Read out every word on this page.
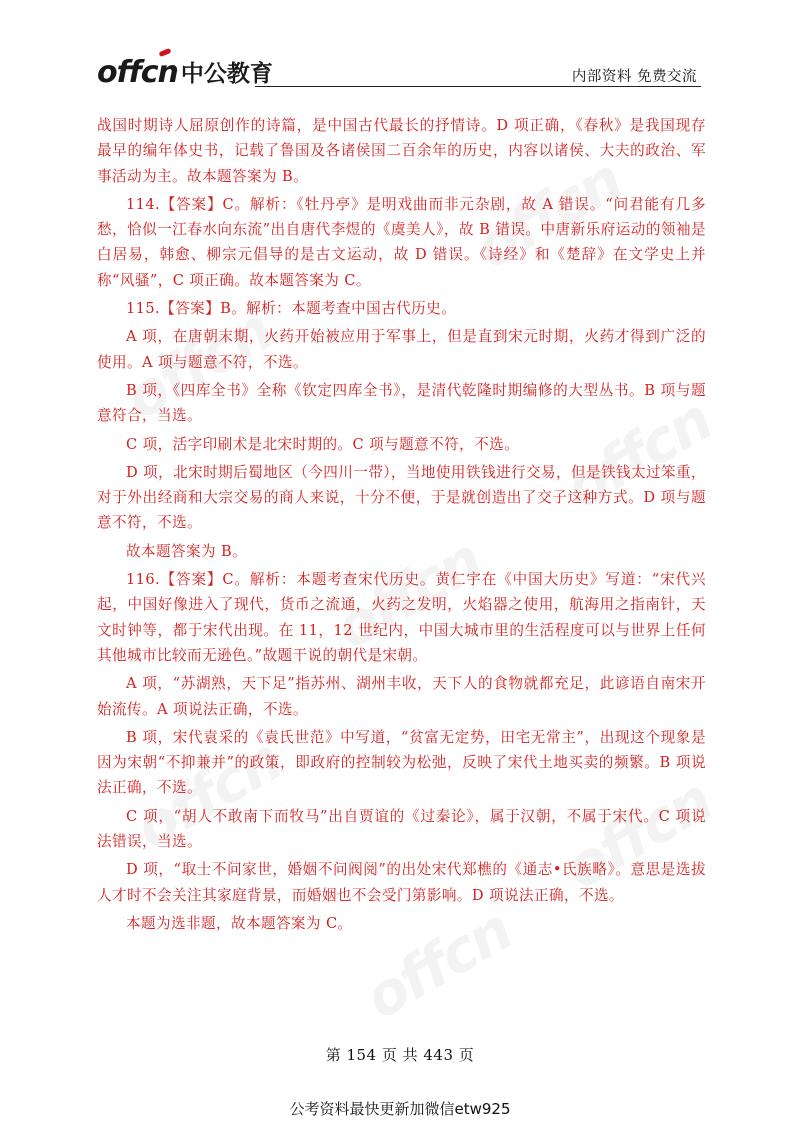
offcn 中公教育	内部资料 免费交流

战国时期诗人屈原创作的诗篇，是中国古代最长的抒情诗。D 项正确，《春秋》是我国现存最早的编年体史书，记载了鲁国及各诸侯国二百余年的历史，内容以诸侯、大夫的政治、军事活动为主。故本题答案为 B。

114.【答案】C。解析：《牡丹亭》是明戏曲而非元杂剧，故 A 错误。“问君能有几多愁，恰似一江春水向东流”出自唐代李煜的《虞美人》，故 B 错误。中唐新乐府运动的领袖是白居易，韩愈、柳宗元倡导的是古文运动，故 D 错误。《诗经》和《楚辞》在文学史上并称“风骚”，C 项正确。故本题答案为 C。

115.【答案】B。解析：本题考查中国古代历史。

A 项，在唐朝末期，火药开始被应用于军事上，但是直到宋元时期，火药才得到广泛的使用。A 项与题意不符，不选。

B 项，《四库全书》全称《钦定四库全书》，是清代乾隆时期编修的大型丛书。B 项与题意符合，当选。

C 项，活字印刷术是北宋时期的。C 项与题意不符，不选。

D 项，北宋时期后蜀地区（今四川一带），当地使用铁钱进行交易，但是铁钱太过笨重，对于外出经商和大宗交易的商人来说，十分不便，于是就创造出了交子这种方式。D 项与题意不符，不选。

故本题答案为 B。

116.【答案】C。解析：本题考查宋代历史。黄仁宇在《中国大历史》写道：“宋代兴起，中国好像进入了现代，货币之流通，火药之发明，火焰器之使用，航海用之指南针，天文时钟等，都于宋代出现。在 11，12 世纪内，中国大城市里的生活程度可以与世界上任何其他城市比较而无逊色。”故题干说的朝代是宋朝。

A 项，“苏湖熟，天下足”指苏州、湖州丰收，天下人的食物就都充足，此谚语自南宋开始流传。A 项说法正确，不选。

B 项，宋代袁采的《袁氏世范》中写道，“贫富无定势，田宅无常主”，出现这个现象是因为宋朝“不抑兼并”的政策，即政府的控制较为松弛，反映了宋代土地买卖的频繁。B 项说法正确，不选。

C 项，“胡人不敢南下而牧马”出自贾谊的《过秦论》，属于汉朝，不属于宋代。C 项说法错误，当选。

D 项，“取士不问家世，婚姻不问阀阅”的出处宋代郑樵的《通志•氏族略》。意思是选拔人才时不会关注其家庭背景，而婚姻也不会受门第影响。D 项说法正确，不选。

本题为选非题，故本题答案为 C。

第 154 页 共 443 页
公考资料最快更新加微信etw925
